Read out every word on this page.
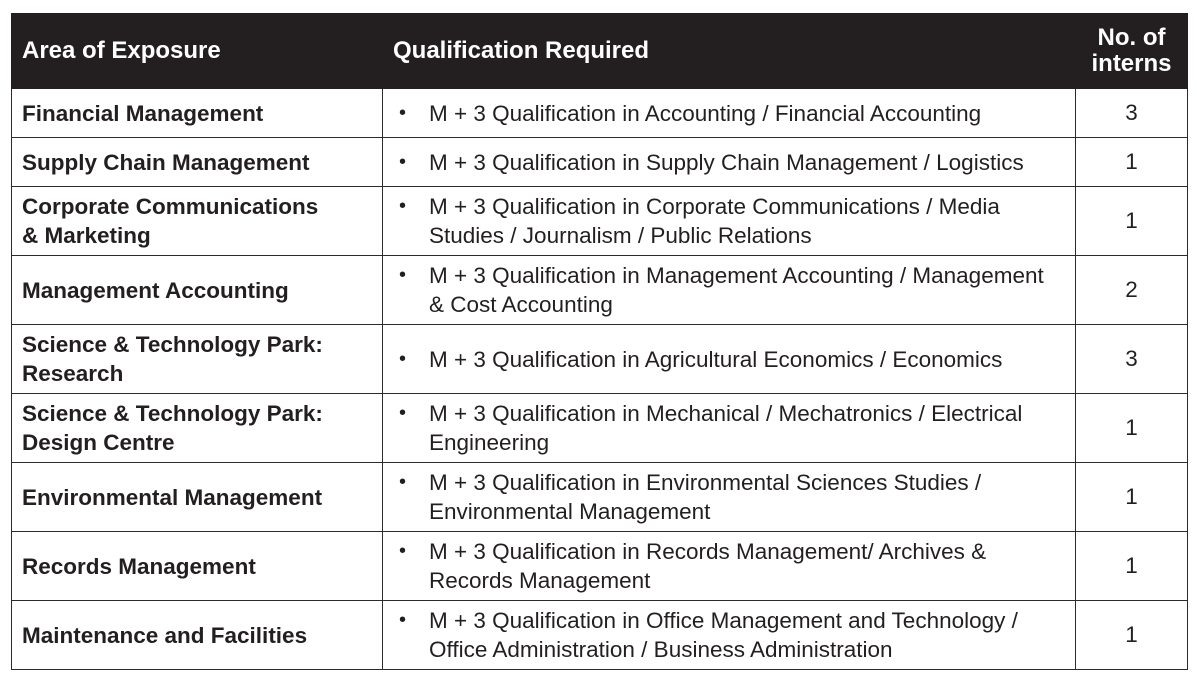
Area of Exposure	Qualification Required	No. of
interns
Financial Management	• M + 3 Qualification in Accounting / Financial Accounting	3
Supply Chain Management	• M + 3 Qualification in Supply Chain Management / Logistics	1
Corporate Communications
& Marketing	• M + 3 Qualification in Corporate Communications / Media Studies / Journalism / Public Relations	1
Management Accounting	• M + 3 Qualification in Management Accounting / Management & Cost Accounting	2
Science & Technology Park:
Research	• M + 3 Qualification in Agricultural Economics / Economics	3
Science & Technology Park:
Design Centre	• M + 3 Qualification in Mechanical / Mechatronics / Electrical Engineering	1
Environmental Management	• M + 3 Qualification in Environmental Sciences Studies / Environmental Management	1
Records Management	• M + 3 Qualification in Records Management/ Archives & Records Management	1
Maintenance and Facilities	• M + 3 Qualification in Office Management and Technology / Office Administration / Business Administration	1
